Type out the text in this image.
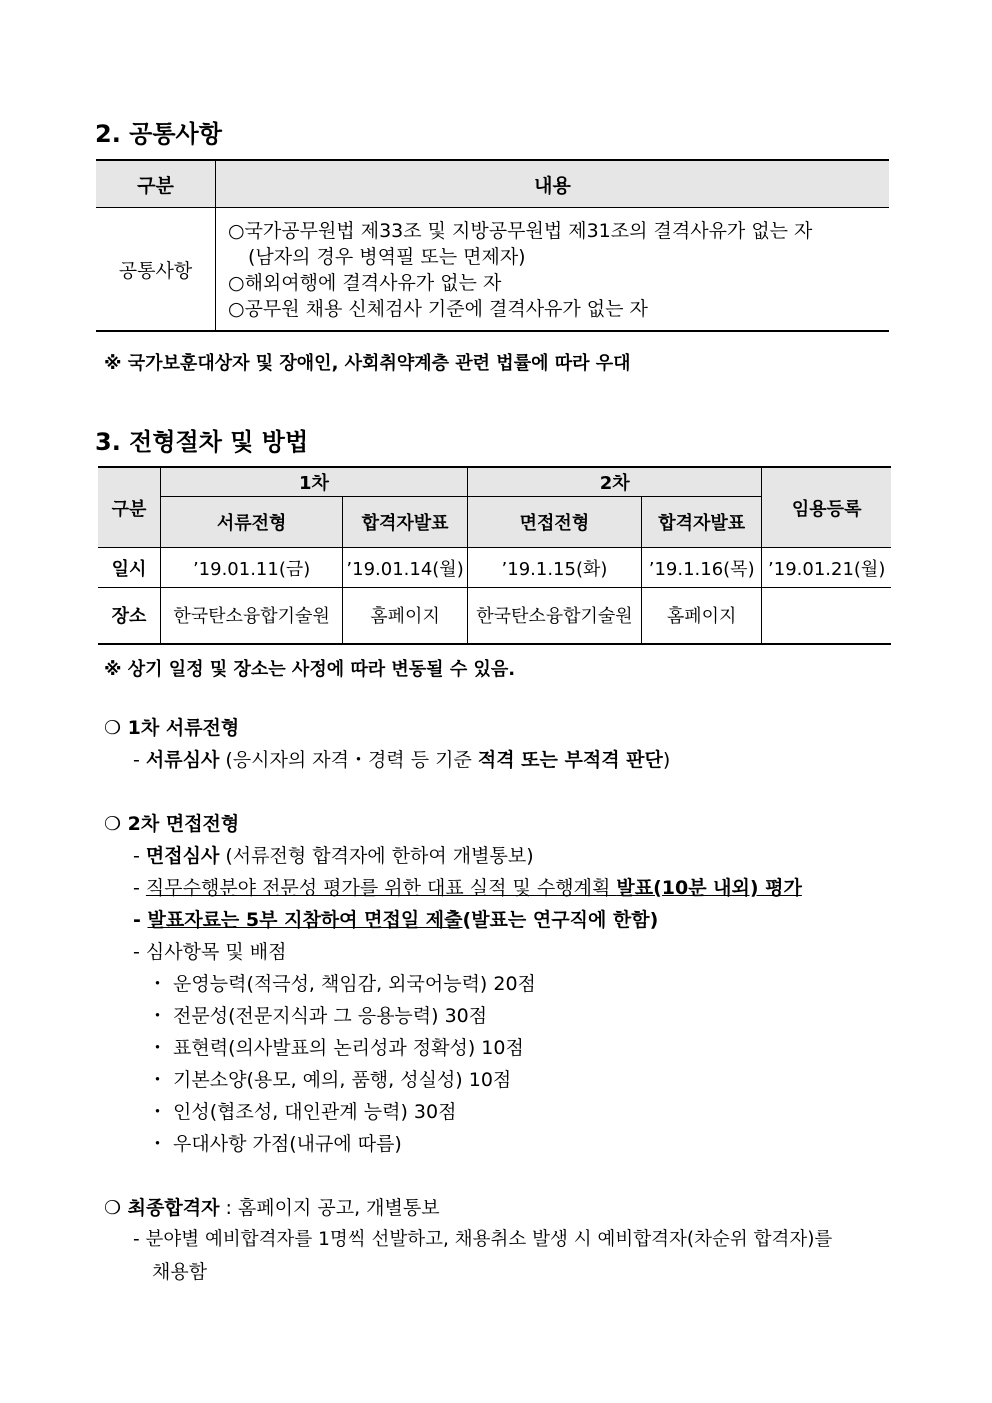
2. 공통사항
구분	내용
공통사항	○국가공무원법 제33조 및 지방공무원법 제31조의 결격사유가 없는 자
(남자의 경우 병역필 또는 면제자)
○해외여행에 결격사유가 없는 자
○공무원 채용 신체검사 기준에 결격사유가 없는 자
※ 국가보훈대상자 및 장애인, 사회취약계층 관련 법률에 따라 우대
3. 전형절차 및 방법
구분	1차		2차		임용등록
	서류전형	합격자발표	면접전형	합격자발표	
일시	’19.01.11(금)	’19.01.14(월)	’19.1.15(화)	’19.1.16(목)	’19.01.21(월)
장소	한국탄소융합기술원	홈페이지	한국탄소융합기술원	홈페이지	
※ 상기 일정 및 장소는 사정에 따라 변동될 수 있음.
❍ 1차 서류전형
- 서류심사 (응시자의 자격・경력 등 기준 적격 또는 부적격 판단)
❍ 2차 면접전형
- 면접심사 (서류전형 합격자에 한하여 개별통보)
- 직무수행분야 전문성 평가를 위한 대표 실적 및 수행계획 발표(10분 내외) 평가
- 발표자료는 5부 지참하여 면접일 제출(발표는 연구직에 한함)
- 심사항목 및 배점
・ 운영능력(적극성, 책임감, 외국어능력) 20점
・ 전문성(전문지식과 그 응용능력) 30점
・ 표현력(의사발표의 논리성과 정확성) 10점
・ 기본소양(용모, 예의, 품행, 성실성) 10점
・ 인성(협조성, 대인관계 능력) 30점
・ 우대사항 가점(내규에 따름)
❍ 최종합격자 : 홈페이지 공고, 개별통보
- 분야별 예비합격자를 1명씩 선발하고, 채용취소 발생 시 예비합격자(차순위 합격자)를
채용함
